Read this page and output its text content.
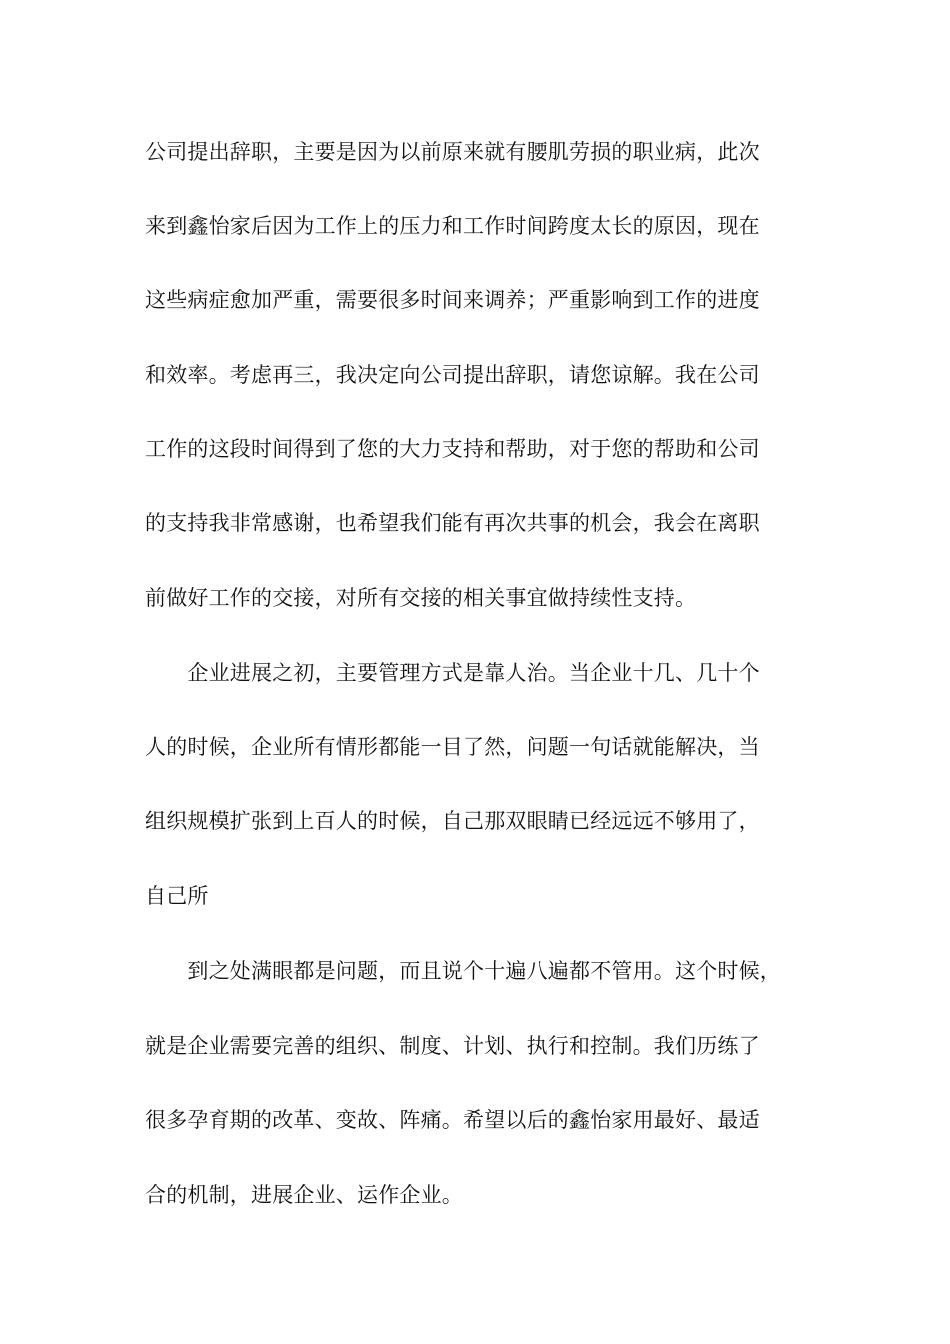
公司提出辞职，主要是因为以前原来就有腰肌劳损的职业病，此次
来到鑫怡家后因为工作上的压力和工作时间跨度太长的原因，现在
这些病症愈加严重，需要很多时间来调养；严重影响到工作的进度
和效率。考虑再三，我决定向公司提出辞职，请您谅解。我在公司
工作的这段时间得到了您的大力支持和帮助，对于您的帮助和公司
的支持我非常感谢，也希望我们能有再次共事的机会，我会在离职
前做好工作的交接，对所有交接的相关事宜做持续性支持。
　　企业进展之初，主要管理方式是靠人治。当企业十几、几十个
人的时候，企业所有情形都能一目了然，问题一句话就能解决，当
组织规模扩张到上百人的时候，自己那双眼睛已经远远不够用了，
自己所
　　到之处满眼都是问题，而且说个十遍八遍都不管用。这个时候，
就是企业需要完善的组织、制度、计划、执行和控制。我们历练了
很多孕育期的改革、变故、阵痛。希望以后的鑫怡家用最好、最适
合的机制，进展企业、运作企业。
